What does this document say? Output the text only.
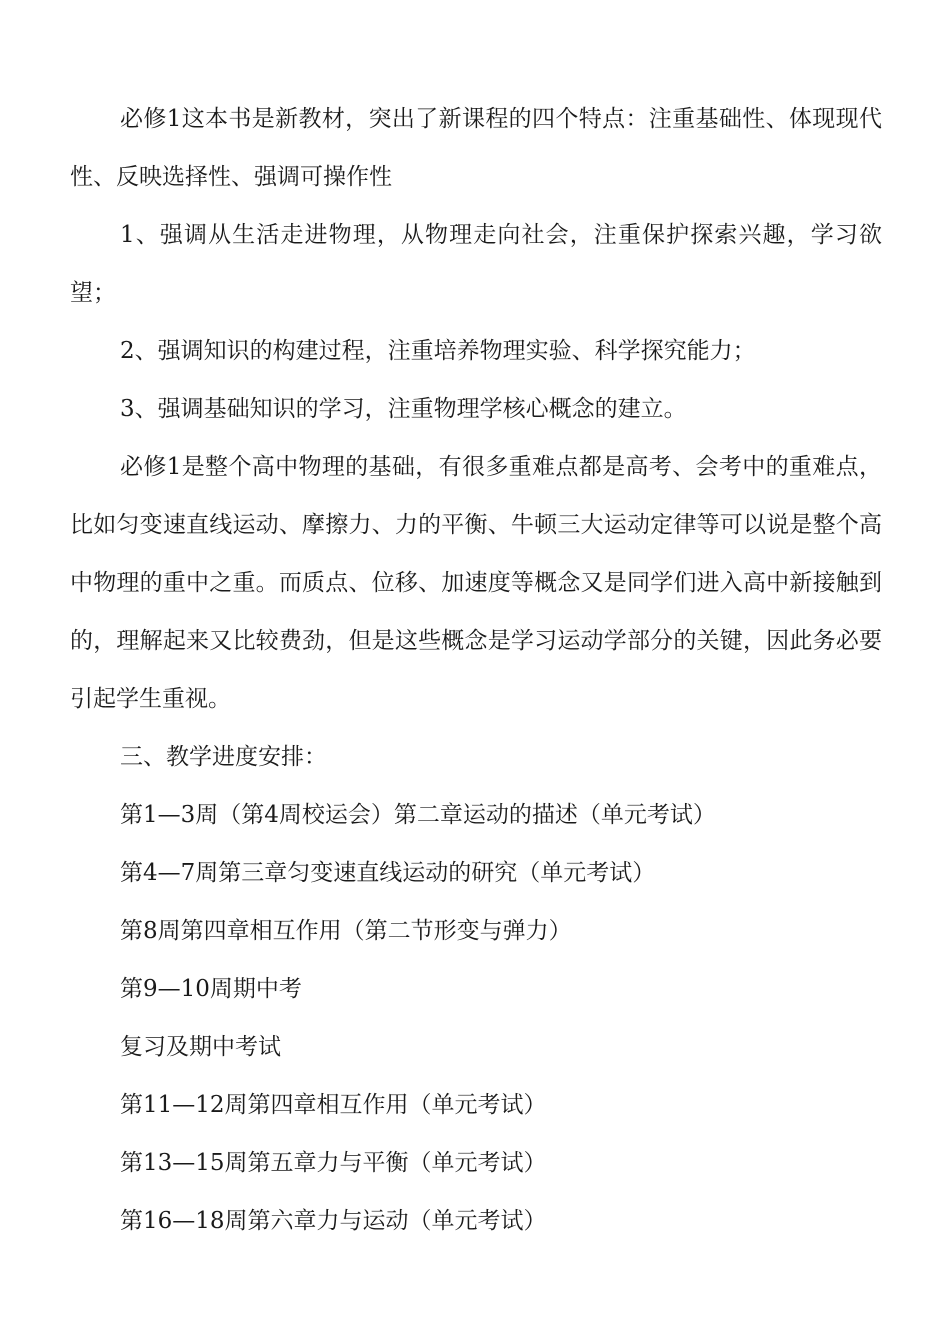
必修1这本书是新教材，突出了新课程的四个特点：注重基础性、体现现代性、反映选择性、强调可操作性

1、强调从生活走进物理，从物理走向社会，注重保护探索兴趣，学习欲望；

2、强调知识的构建过程，注重培养物理实验、科学探究能力；

3、强调基础知识的学习，注重物理学核心概念的建立。

必修1是整个高中物理的基础，有很多重难点都是高考、会考中的重难点，比如匀变速直线运动、摩擦力、力的平衡、牛顿三大运动定律等可以说是整个高中物理的重中之重。而质点、位移、加速度等概念又是同学们进入高中新接触到的，理解起来又比较费劲，但是这些概念是学习运动学部分的关键，因此务必要引起学生重视。

三、教学进度安排：

第1—3周（第4周校运会）第二章运动的描述（单元考试）

第4—7周第三章匀变速直线运动的研究（单元考试）

第8周第四章相互作用（第二节形变与弹力）

第9—10周期中考

复习及期中考试

第11—12周第四章相互作用（单元考试）

第13—15周第五章力与平衡（单元考试）

第16—18周第六章力与运动（单元考试）
